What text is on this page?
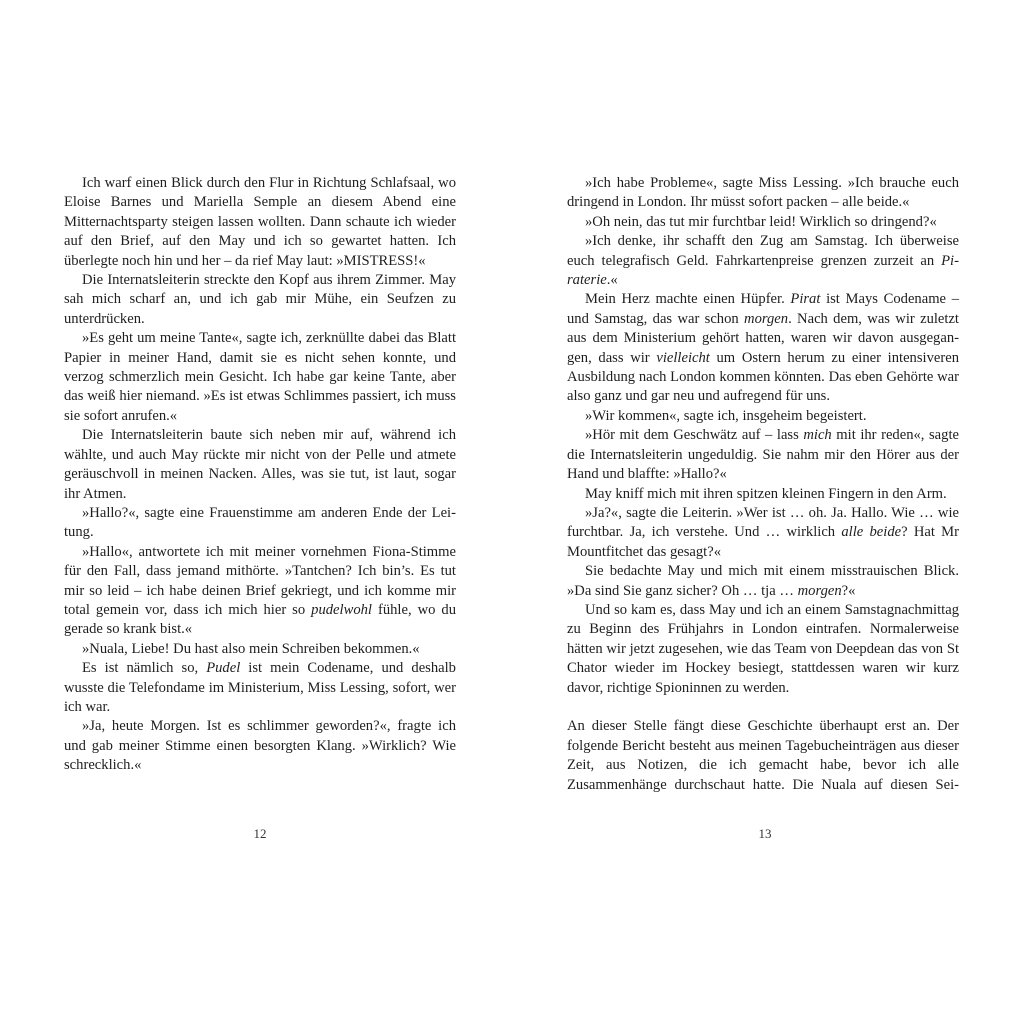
Ich warf einen Blick durch den Flur in Richtung Schlafsaal, wo Eloise Barnes und Mariella Semple an diesem Abend eine Mitternachtsparty steigen lassen wollten. Dann schaute ich wieder auf den Brief, auf den May und ich so gewartet hatten. Ich überlegte noch hin und her – da rief May laut: »MISTRESS!«

Die Internatsleiterin streckte den Kopf aus ihrem Zimmer. May sah mich scharf an, und ich gab mir Mühe, ein Seufzen zu unterdrücken.

»Es geht um meine Tante«, sagte ich, zerknüllte dabei das Blatt Papier in meiner Hand, damit sie es nicht sehen konnte, und verzog schmerzlich mein Gesicht. Ich habe gar keine Tante, aber das weiß hier niemand. »Es ist etwas Schlimmes passiert, ich muss sie sofort anrufen.«

Die Internatsleiterin baute sich neben mir auf, während ich wählte, und auch May rückte mir nicht von der Pelle und atmete geräuschvoll in meinen Nacken. Alles, was sie tut, ist laut, sogar ihr Atmen.

»Hallo?«, sagte eine Frauenstimme am anderen Ende der Leitung.

»Hallo«, antwortete ich mit meiner vornehmen Fiona-Stimme für den Fall, dass jemand mithörte. »Tantchen? Ich bin’s. Es tut mir so leid – ich habe deinen Brief gekriegt, und ich komme mir total gemein vor, dass ich mich hier so pudelwohl fühle, wo du gerade so krank bist.«

»Nuala, Liebe! Du hast also mein Schreiben bekommen.«

Es ist nämlich so, Pudel ist mein Codename, und deshalb wusste die Telefondame im Ministerium, Miss Lessing, sofort, wer ich war.

»Ja, heute Morgen. Ist es schlimmer geworden?«, fragte ich und gab meiner Stimme einen besorgten Klang. »Wirklich? Wie schrecklich.«

12

»Ich habe Probleme«, sagte Miss Lessing. »Ich brauche euch dringend in London. Ihr müsst sofort packen – alle beide.«

»Oh nein, das tut mir furchtbar leid! Wirklich so dringend?«

»Ich denke, ihr schafft den Zug am Samstag. Ich überweise euch telegrafisch Geld. Fahrkartenpreise grenzen zurzeit an Piraterie.«

Mein Herz machte einen Hüpfer. Pirat ist Mays Codename – und Samstag, das war schon morgen. Nach dem, was wir zuletzt aus dem Ministerium gehört hatten, waren wir davon ausgegangen, dass wir vielleicht um Ostern herum zu einer intensiveren Ausbildung nach London kommen könnten. Das eben Gehörte war also ganz und gar neu und aufregend für uns.

»Wir kommen«, sagte ich, insgeheim begeistert.

»Hör mit dem Geschwätz auf – lass mich mit ihr reden«, sagte die Internatsleiterin ungeduldig. Sie nahm mir den Hörer aus der Hand und blaffte: »Hallo?«

May kniff mich mit ihren spitzen kleinen Fingern in den Arm.

»Ja?«, sagte die Leiterin. »Wer ist … oh. Ja. Hallo. Wie … wie furchtbar. Ja, ich verstehe. Und … wirklich alle beide? Hat Mr Mountfitchet das gesagt?«

Sie bedachte May und mich mit einem misstrauischen Blick. »Da sind Sie ganz sicher? Oh … tja … morgen?«

Und so kam es, dass May und ich an einem Samstagnachmittag zu Beginn des Frühjahrs in London eintrafen. Normalerweise hätten wir jetzt zugesehen, wie das Team von Deepdean das von St Chator wieder im Hockey besiegt, stattdessen waren wir kurz davor, richtige Spioninnen zu werden.

An dieser Stelle fängt diese Geschichte überhaupt erst an. Der folgende Bericht besteht aus meinen Tagebucheinträgen aus dieser Zeit, aus Notizen, die ich gemacht habe, bevor ich alle Zusammenhänge durchschaut hatte. Die Nuala auf diesen Sei-

13
